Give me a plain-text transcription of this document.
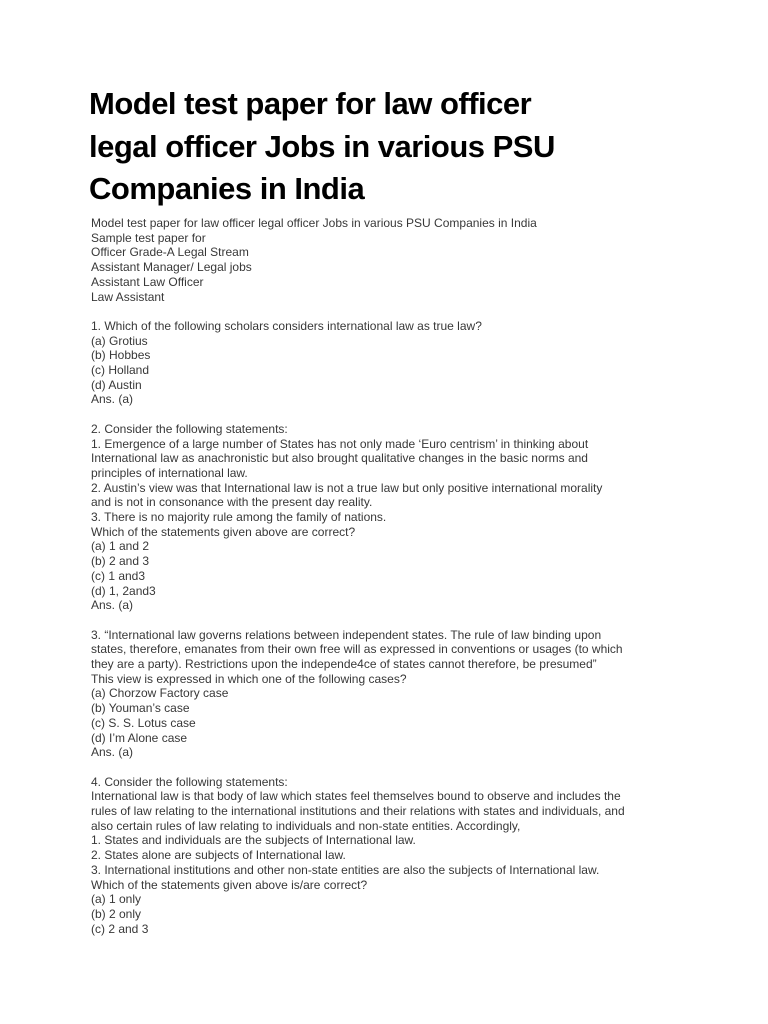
Model test paper for law officer
legal officer Jobs in various PSU
Companies in India
Model test paper for law officer legal officer Jobs in various PSU Companies in India
Sample test paper for
Officer Grade-A Legal Stream
Assistant Manager/ Legal jobs
Assistant Law Officer
Law Assistant
1. Which of the following scholars considers international law as true law?
(a) Grotius
(b) Hobbes
(c) Holland
(d) Austin
Ans. (a)
2. Consider the following statements:
1. Emergence of a large number of States has not only made ‘Euro centrism’ in thinking about
International law as anachronistic but also brought qualitative changes in the basic norms and
principles of international law.
2. Austin’s view was that International law is not a true law but only positive international morality
and is not in consonance with the present day reality.
3. There is no majority rule among the family of nations.
Which of the statements given above are correct?
(a) 1 and 2
(b) 2 and 3
(c) 1 and3
(d) 1, 2and3
Ans. (a)
3. “International law governs relations between independent states. The rule of law binding upon
states, therefore, emanates from their own free will as expressed in conventions or usages (to which
they are a party). Restrictions upon the independe4ce of states cannot therefore, be presumed”
This view is expressed in which one of the following cases?
(a) Chorzow Factory case
(b) Youman’s case
(c) S. S. Lotus case
(d) I’m Alone case
Ans. (a)
4. Consider the following statements:
International law is that body of law which states feel themselves bound to observe and includes the
rules of law relating to the international institutions and their relations with states and individuals, and
also certain rules of law relating to individuals and non-state entities. Accordingly,
1. States and individuals are the subjects of International law.
2. States alone are subjects of International law.
3. International institutions and other non-state entities are also the subjects of International law.
Which of the statements given above is/are correct?
(a) 1 only
(b) 2 only
(c) 2 and 3
